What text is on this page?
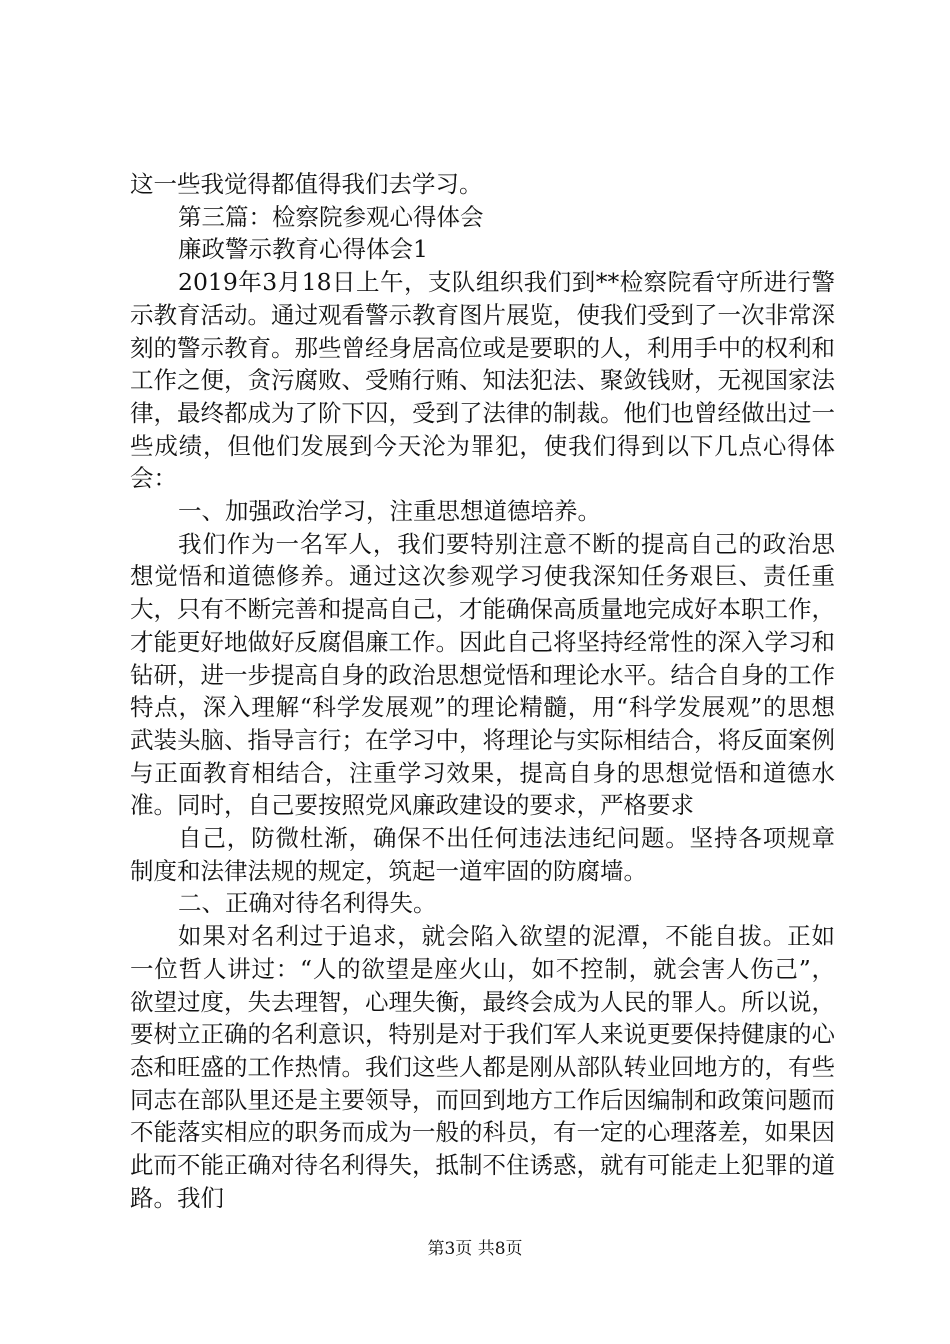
这一些我觉得都值得我们去学习。

第三篇：检察院参观心得体会

廉政警示教育心得体会1

2019年3月18日上午，支队组织我们到**检察院看守所进行警示教育活动。通过观看警示教育图片展览，使我们受到了一次非常深刻的警示教育。那些曾经身居高位或是要职的人，利用手中的权利和工作之便，贪污腐败、受贿行贿、知法犯法、聚敛钱财，无视国家法律，最终都成为了阶下囚，受到了法律的制裁。他们也曾经做出过一些成绩，但他们发展到今天沦为罪犯，使我们得到以下几点心得体会：

一、加强政治学习，注重思想道德培养。

我们作为一名军人，我们要特别注意不断的提高自己的政治思想觉悟和道德修养。通过这次参观学习使我深知任务艰巨、责任重大，只有不断完善和提高自己，才能确保高质量地完成好本职工作，才能更好地做好反腐倡廉工作。因此自己将坚持经常性的深入学习和钻研，进一步提高自身的政治思想觉悟和理论水平。结合自身的工作特点，深入理解“科学发展观”的理论精髓，用“科学发展观”的思想武装头脑、指导言行；在学习中，将理论与实际相结合，将反面案例与正面教育相结合，注重学习效果，提高自身的思想觉悟和道德水准。同时，自己要按照党风廉政建设的要求，严格要求

自己，防微杜渐，确保不出任何违法违纪问题。坚持各项规章制度和法律法规的规定，筑起一道牢固的防腐墙。

二、正确对待名利得失。

如果对名利过于追求，就会陷入欲望的泥潭，不能自拔。正如一位哲人讲过：“人的欲望是座火山，如不控制，就会害人伤己”，欲望过度，失去理智，心理失衡，最终会成为人民的罪人。所以说，要树立正确的名利意识，特别是对于我们军人来说更要保持健康的心态和旺盛的工作热情。我们这些人都是刚从部队转业回地方的，有些同志在部队里还是主要领导，而回到地方工作后因编制和政策问题而不能落实相应的职务而成为一般的科员，有一定的心理落差，如果因此而不能正确对待名利得失，抵制不住诱惑，就有可能走上犯罪的道路。我们

第3页 共8页
